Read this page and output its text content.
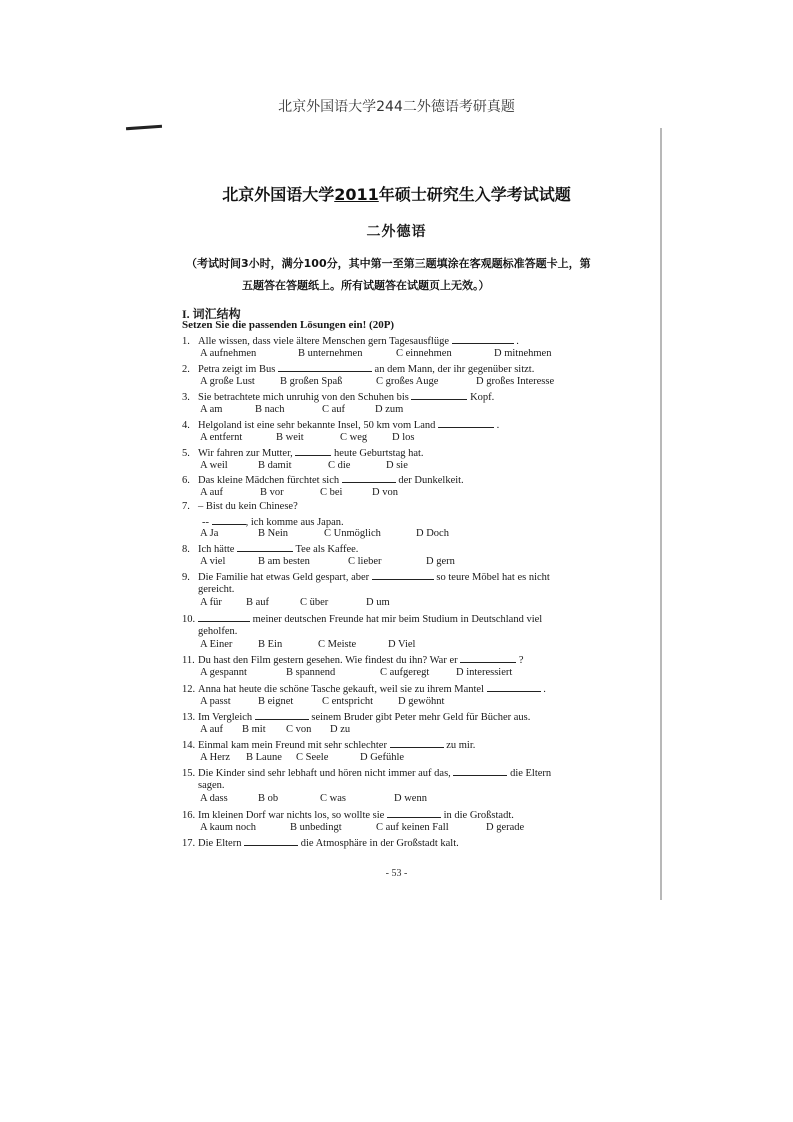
北京外国语大学244二外德语考研真题
北京外国语大学2011年硕士研究生入学考试试题
二外德语
（考试时间3小时，满分100分，其中第一至第三题填涂在客观题标准答题卡上，第
五题答在答题纸上。所有试题答在试题页上无效。）
I. 词汇结构
Setzen Sie die passenden Lösungen ein! (20P)
1. Alle wissen, dass viele ältere Menschen gern Tagesausflüge	.
A aufnehmen	B unternehmen	C einnehmen	D mitnehmen
2. Petra zeigt im Bus	an dem Mann, der ihr gegenüber sitzt.
A große Lust B großen Spaß	C großes Auge	D großes Interesse
3. Sie betrachtete mich unruhig von den Schuhen bis	Kopf.
A am	B nach	C auf	D zum
4. Helgoland ist eine sehr bekannte Insel, 50 km vom Land	.
A entfernt	B weit	C weg D los
5. Wir fahren zur Mutter,	heute Geburtstag hat.
A weil	B damit	C die	D sie
6. Das kleine Mädchen fürchtet sich	der Dunkelkeit.
A auf	B vor	C bei	D von
7. – Bist du kein Chinese?
--	, ich komme aus Japan.
A Ja	B Nein	C Unmöglich	D Doch
8. Ich hätte	Tee als Kaffee.
A viel	B am besten	C lieber	D gern
9. Die Familie hat etwas Geld gespart, aber	so teure Möbel hat es nicht
gereicht.
A für B auf	C über	D um
10.	meiner deutschen Freunde hat mir beim Studium in Deutschland viel
geholfen.
A Einer B Ein	C Meiste	D Viel
11. Du hast den Film gestern gesehen. Wie findest du ihn? War er	?
A gespannt	B spannend	C aufgeregt	D interessiert
12. Anna hat heute die schöne Tasche gekauft, weil sie zu ihrem Mantel	.
A passt	B eignet	C entspricht D gewöhnt
13. Im Vergleich	seinem Bruder gibt Peter mehr Geld für Bücher aus.
A auf B mit C von D zu
14. Einmal kam mein Freund mit sehr schlechter	zu mir.
A Herz B Laune C Seele	D Gefühle
15. Die Kinder sind sehr lebhaft und hören nicht immer auf das,	die Eltern
sagen.
A dass	B ob	C was	D wenn
16. Im kleinen Dorf war nichts los, so wollte sie	in die Großstadt.
A kaum noch	B unbedingt	C auf keinen Fall	D gerade
17. Die Eltern	die Atmosphäre in der Großstadt kalt.
- 53 -
